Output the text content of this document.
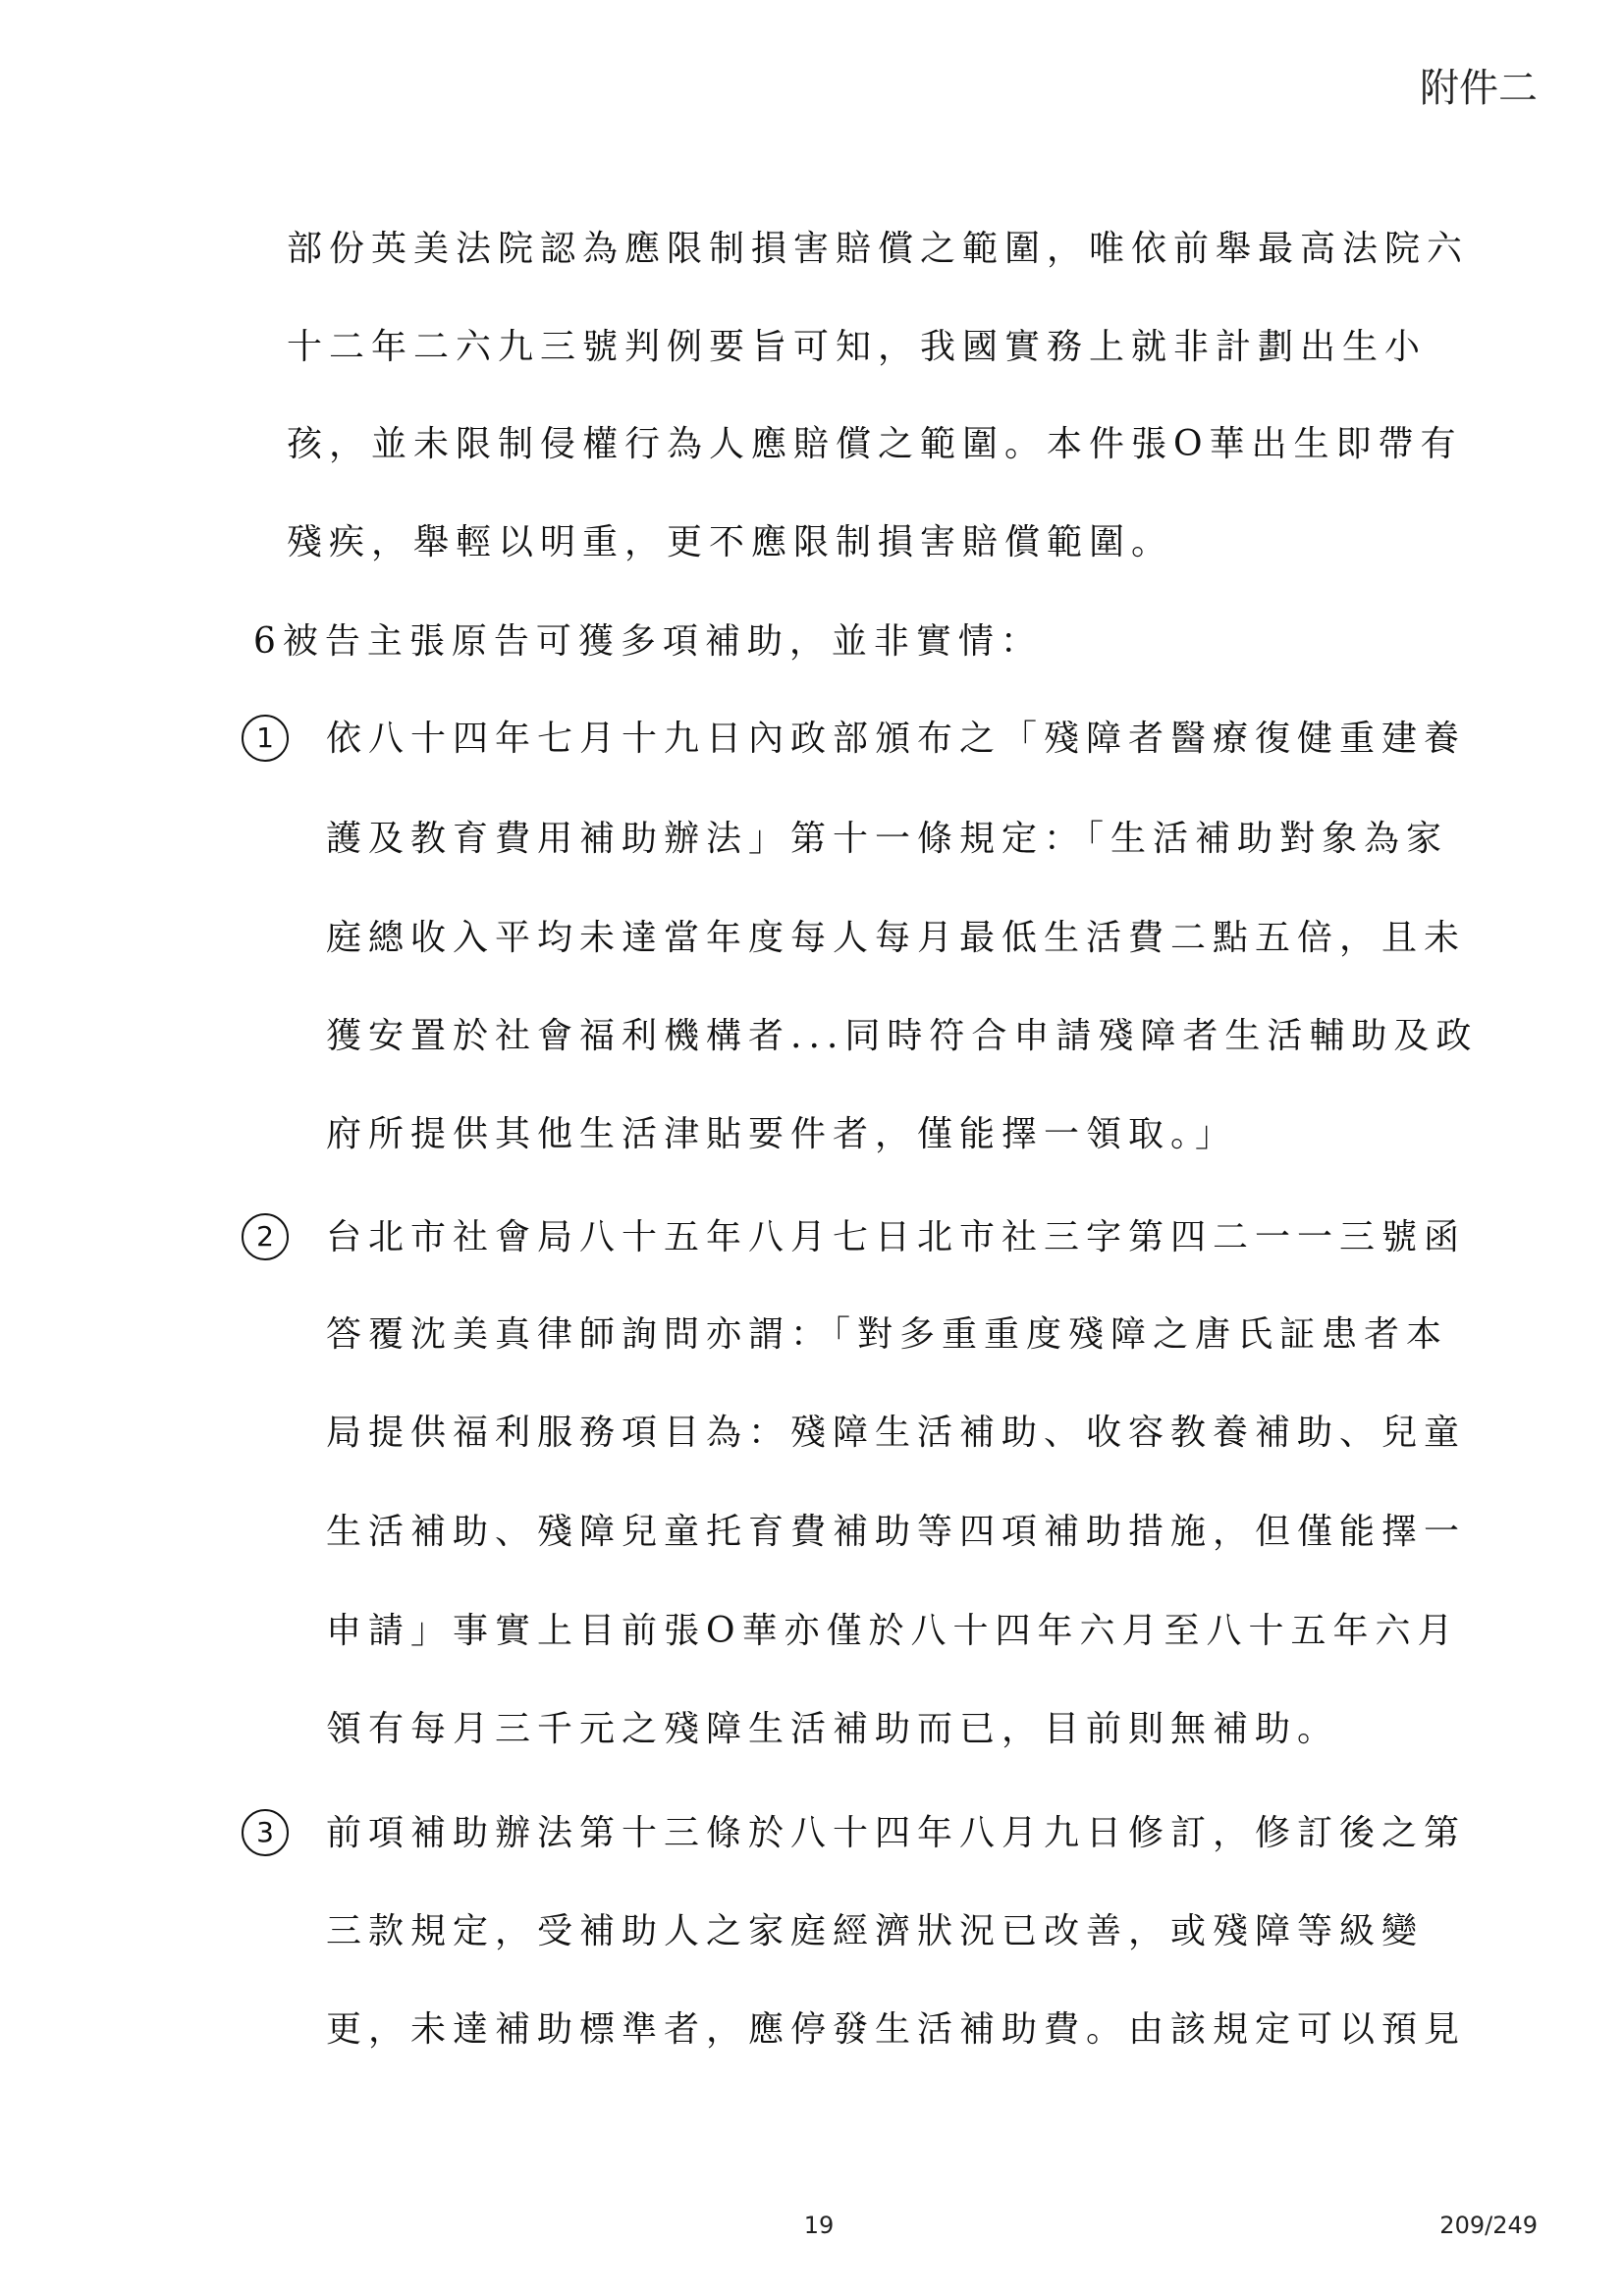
附件二

部份英美法院認為應限制損害賠償之範圍，唯依前舉最高法院六

十二年二六九三號判例要旨可知，我國實務上就非計劃出生小

孩，並未限制侵權行為人應賠償之範圍。本件張O華出生即帶有

殘疾，舉輕以明重，更不應限制損害賠償範圍。

6被告主張原告可獲多項補助，並非實情：

1	依八十四年七月十九日內政部頒布之「殘障者醫療復健重建養

護及教育費用補助辦法」第十一條規定：「生活補助對象為家

庭總收入平均未達當年度每人每月最低生活費二點五倍，且未

獲安置於社會福利機構者...同時符合申請殘障者生活輔助及政

府所提供其他生活津貼要件者，僅能擇一領取。」

2	台北市社會局八十五年八月七日北市社三字第四二一一三號函

答覆沈美真律師詢問亦謂：「對多重重度殘障之唐氏証患者本

局提供福利服務項目為：殘障生活補助、收容教養補助、兒童

生活補助、殘障兒童托育費補助等四項補助措施，但僅能擇一

申請」事實上目前張O華亦僅於八十四年六月至八十五年六月

領有每月三千元之殘障生活補助而已，目前則無補助。

3	前項補助辦法第十三條於八十四年八月九日修訂，修訂後之第

三款規定，受補助人之家庭經濟狀況已改善，或殘障等級變

更，未達補助標準者，應停發生活補助費。由該規定可以預見

19	209/249
